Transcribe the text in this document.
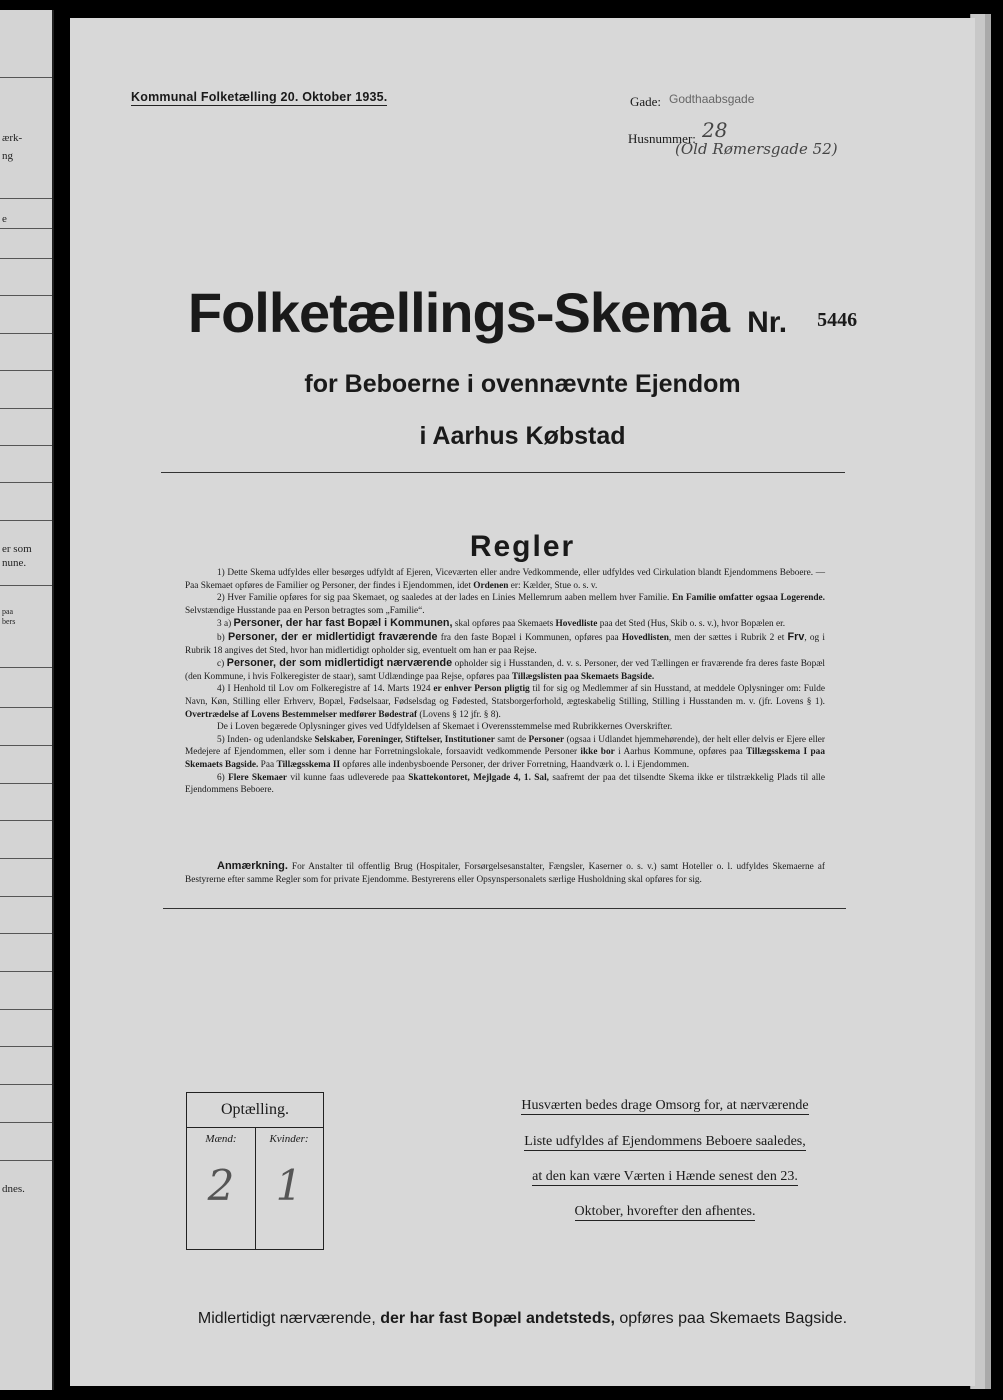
ærk-
ng
e
er som
nune.
paa
bers
dnes.
Kommunal Folketælling 20. Oktober 1935.	Gade: Godthaabsgade
Husnummer: 28
(Old Rømersgade 52)
Folketællings-Skema Nr. 5446
for Beboerne i ovennævnte Ejendom
i Aarhus Købstad
Regler

1) Dette Skema udfyldes eller besørges udfyldt af Ejeren, Viceværten eller andre Vedkommende, eller udfyldes ved Cirkulation blandt Ejendommens Beboere. — Paa Skemaet opføres de Familier og Personer, der findes i Ejendommen, idet Ordenen er: Kælder, Stue o. s. v.

2) Hver Familie opføres for sig paa Skemaet, og saaledes at der lades en Linies Mellemrum aaben mellem hver Familie. En Familie omfatter ogsaa Logerende. Selvstændige Husstande paa en Person betragtes som „Familie“.

3 a) Personer, der har fast Bopæl i Kommunen, skal opføres paa Skemaets Hovedliste paa det Sted (Hus, Skib o. s. v.), hvor Bopælen er.

b) Personer, der er midlertidigt fraværende fra den faste Bopæl i Kommunen, opføres paa Hovedlisten, men der sættes i Rubrik 2 et Frv, og i Rubrik 18 angives det Sted, hvor han midlertidigt opholder sig, eventuelt om han er paa Rejse.

c) Personer, der som midlertidigt nærværende opholder sig i Husstanden, d. v. s. Personer, der ved Tællingen er fraværende fra deres faste Bopæl (den Kommune, i hvis Folkeregister de staar), samt Udlændinge paa Rejse, opføres paa Tillægslisten paa Skemaets Bagside.

4) I Henhold til Lov om Folkeregistre af 14. Marts 1924 er enhver Person pligtig til for sig og Medlemmer af sin Husstand, at meddele Oplysninger om: Fulde Navn, Køn, Stilling eller Erhverv, Bopæl, Fødselsaar, Fødselsdag og Fødested, Statsborgerforhold, ægteskabelig Stilling, Stilling i Husstanden m. v. (jfr. Lovens § 1). Overtrædelse af Lovens Bestemmelser medfører Bødestraf (Lovens § 12 jfr. § 8).

De i Loven begærede Oplysninger gives ved Udfyldelsen af Skemaet i Overensstemmelse med Rubrikkernes Overskrifter.

5) Inden- og udenlandske Selskaber, Foreninger, Stiftelser, Institutioner samt de Personer (ogsaa i Udlandet hjemmehørende), der helt eller delvis er Ejere eller Medejere af Ejendommen, eller som i denne har Forretningslokale, forsaavidt vedkommende Personer ikke bor i Aarhus Kommune, opføres paa Tillægsskema I paa Skemaets Bagside. Paa Tillægsskema II opføres alle indenbysboende Personer, der driver Forretning, Haandværk o. l. i Ejendommen.

6) Flere Skemaer vil kunne faas udleverede paa Skattekontoret, Mejlgade 4, 1. Sal, saafremt der paa det tilsendte Skema ikke er tilstrækkelig Plads til alle Ejendommens Beboere.

Anmærkning. For Anstalter til offentlig Brug (Hospitaler, Forsørgelsesanstalter, Fængsler, Kaserner o. s. v.) samt Hoteller o. l. udfyldes Skemaerne af Bestyrerne efter samme Regler som for private Ejendomme. Bestyrerens eller Opsynspersonalets særlige Husholdning skal opføres for sig.

Optælling.
Mænd:	Kvinder:
2 1
Husværten bedes drage Omsorg for, at nærværende
Liste udfyldes af Ejendommens Beboere saaledes,
at den kan være Værten i Hænde senest den 23.
Oktober, hvorefter den afhentes.
Midlertidigt nærværende, der har fast Bopæl andetsteds, opføres paa Skemaets Bagside.
